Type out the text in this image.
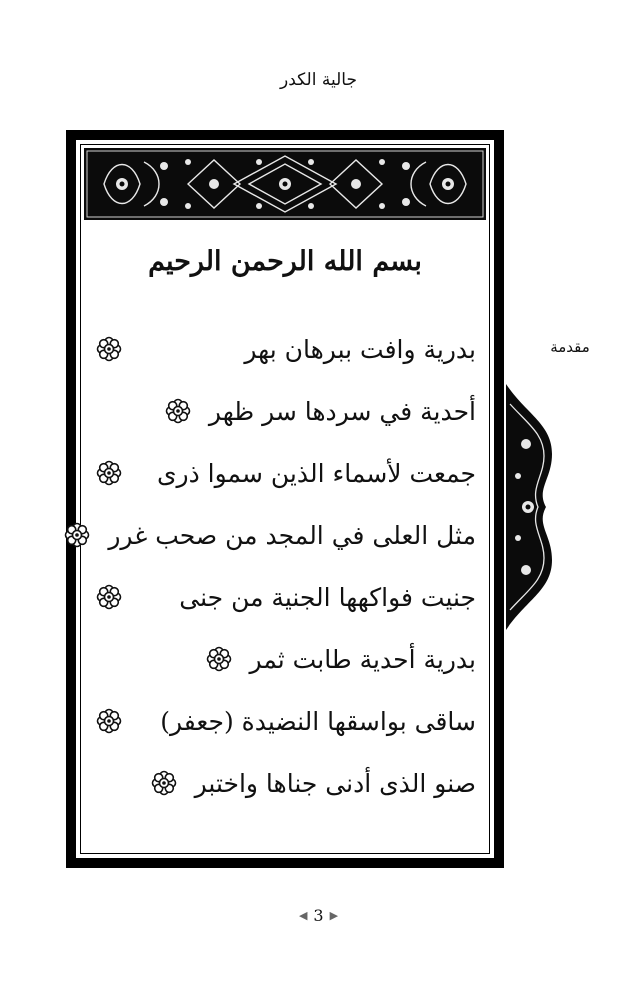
جالية الكدر
بسم الله الرحمن الرحيم
بدرية وافت ببرهان بهر
أحدية في سردها سر ظهر
جمعت لأسماء الذين سموا ذرى
مثل العلى في المجد من صحب غرر
جنيت فواكهها الجنية من جنى
بدرية أحدية طابت ثمر
ساقى بواسقها النضيدة (جعفر)
صنو الذى أدنى جناها واختبر
مقدمة
◀ 3 ▶
